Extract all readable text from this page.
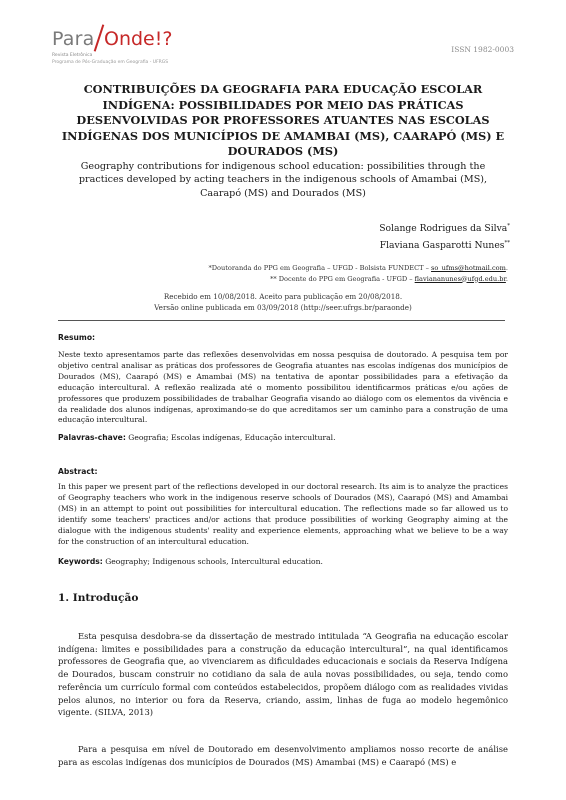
Para Onde!?
Revista Eletrônica
Programa de Pós-Graduação em Geografia - UFRGS
ISSN 1982-0003
CONTRIBUIÇÕES DA GEOGRAFIA PARA EDUCAÇÃO ESCOLAR INDÍGENA: POSSIBILIDADES POR MEIO DAS PRÁTICAS DESENVOLVIDAS POR PROFESSORES ATUANTES NAS ESCOLAS INDÍGENAS DOS MUNICÍPIOS DE AMAMBAI (MS), CAARAPÓ (MS) E DOURADOS (MS)
Geography contributions for indigenous school education: possibilities through the practices developed by acting teachers in the indigenous schools of Amambai (MS), Caarapó (MS) and Dourados (MS)
Solange Rodrigues da Silva*
Flaviana Gasparotti Nunes**
*Doutoranda do PPG em Geografia – UFGD - Bolsista FUNDECT – so_ufms@hotmail.com.
** Docente do PPG em Geografia - UFGD – flaviananunes@ufgd.edu.br.
Recebido em 10/08/2018. Aceito para publicação em 20/08/2018.
Versão online publicada em 03/09/2018 (http://seer.ufrgs.br/paraonde)
Resumo:
Neste texto apresentamos parte das reflexões desenvolvidas em nossa pesquisa de doutorado. A pesquisa tem por objetivo central analisar as práticas dos professores de Geografia atuantes nas escolas indígenas dos municípios de Dourados (MS), Caarapó (MS) e Amambai (MS) na tentativa de apontar possibilidades para a efetivação da educação intercultural. A reflexão realizada até o momento possibilitou identificarmos práticas e/ou ações de professores que produzem possibilidades de trabalhar Geografia visando ao diálogo com os elementos da vivência e da realidade dos alunos indígenas, aproximando-se do que acreditamos ser um caminho para a construção de uma educação intercultural.
Palavras-chave: Geografia; Escolas indígenas, Educação intercultural.
Abstract:
In this paper we present part of the reflections developed in our doctoral research. Its aim is to analyze the practices of Geography teachers who work in the indigenous reserve schools of Dourados (MS), Caarapó (MS) and Amambai (MS) in an attempt to point out possibilities for intercultural education. The reflections made so far allowed us to identify some teachers' practices and/or actions that produce possibilities of working Geography aiming at the dialogue with the indigenous students' reality and experience elements, approaching what we believe to be a way for the construction of an intercultural education.
Keywords: Geography; Indigenous schools, Intercultural education.
1. Introdução
Esta pesquisa desdobra-se da dissertação de mestrado intitulada “A Geografia na educação escolar indígena: limites e possibilidades para a construção da educação intercultural”, na qual identificamos professores de Geografia que, ao vivenciarem as dificuldades educacionais e sociais da Reserva Indígena de Dourados, buscam construir no cotidiano da sala de aula novas possibilidades, ou seja, tendo como referência um currículo formal com conteúdos estabelecidos, propõem diálogo com as realidades vividas pelos alunos, no interior ou fora da Reserva, criando, assim, linhas de fuga ao modelo hegemônico vigente. (SILVA, 2013)
Para a pesquisa em nível de Doutorado em desenvolvimento ampliamos nosso recorte de análise para as escolas indígenas dos municípios de Dourados (MS) Amambai (MS) e Caarapó (MS) e
